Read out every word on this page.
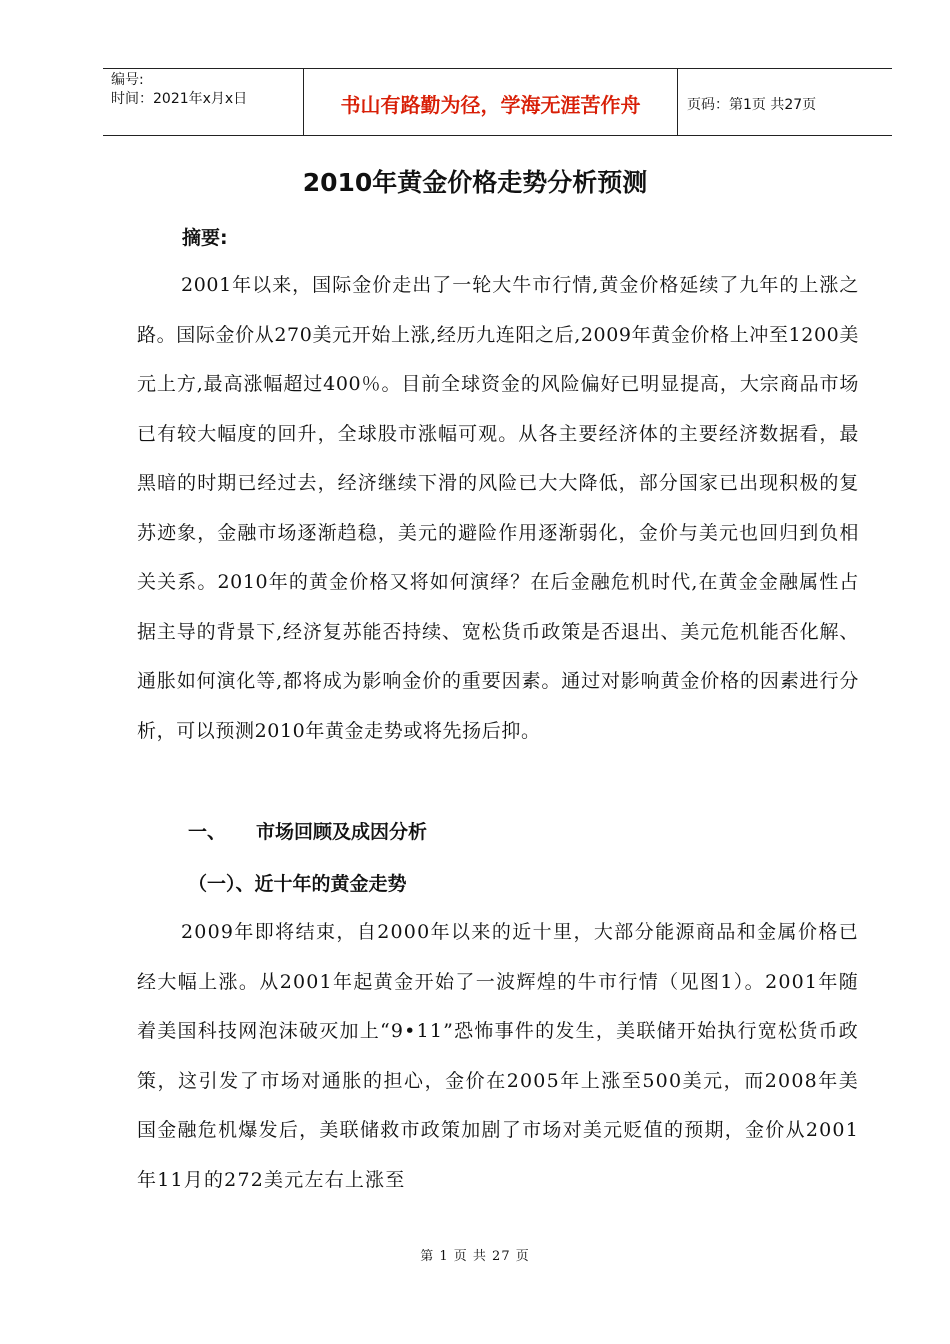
编号:
时间：2021年x月x日	书山有路勤为径，学海无涯苦作舟	页码：第1页 共27页
2010年黄金价格走势分析预测
摘要:

2001年以来，国际金价走出了一轮大牛市行情,黄金价格延续了九年的上涨之路。国际金价从270美元开始上涨,经历九连阳之后,2009年黄金价格上冲至1200美元上方,最高涨幅超过400％。目前全球资金的风险偏好已明显提高，大宗商品市场已有较大幅度的回升，全球股市涨幅可观。从各主要经济体的主要经济数据看，最黑暗的时期已经过去，经济继续下滑的风险已大大降低，部分国家已出现积极的复苏迹象，金融市场逐渐趋稳，美元的避险作用逐渐弱化，金价与美元也回归到负相关关系。2010年的黄金价格又将如何演绎？在后金融危机时代,在黄金金融属性占据主导的背景下,经济复苏能否持续、宽松货币政策是否退出、美元危机能否化解、通胀如何演化等,都将成为影响金价的重要因素。通过对影响黄金价格的因素进行分析，可以预测2010年黄金走势或将先扬后抑。

一、	市场回顾及成因分析
（一）、近十年的黄金走势

2009年即将结束，自2000年以来的近十里，大部分能源商品和金属价格已经大幅上涨。从2001年起黄金开始了一波辉煌的牛市行情（见图1）。2001年随着美国科技网泡沫破灭加上“9•11”恐怖事件的发生，美联储开始执行宽松货币政策，这引发了市场对通胀的担心，金价在2005年上涨至500美元，而2008年美国金融危机爆发后，美联储救市政策加剧了市场对美元贬值的预期，金价从2001年11月的272美元左右上涨至

第 1 页 共 27 页
